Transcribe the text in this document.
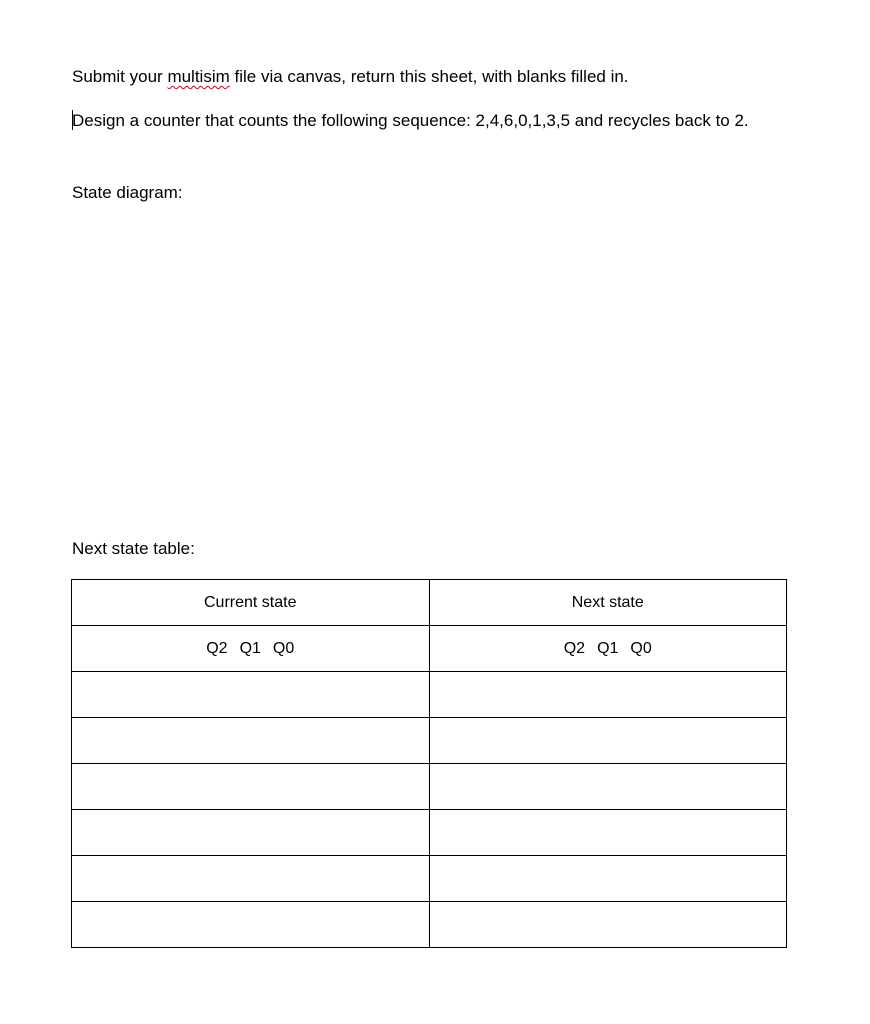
Submit your multisim file via canvas, return this sheet, with blanks filled in.
Design a counter that counts the following sequence: 2,4,6,0,1,3,5 and recycles back to 2.
State diagram:
Next state table:
Current state	Next state
Q2 Q1 Q0	Q2 Q1 Q0
